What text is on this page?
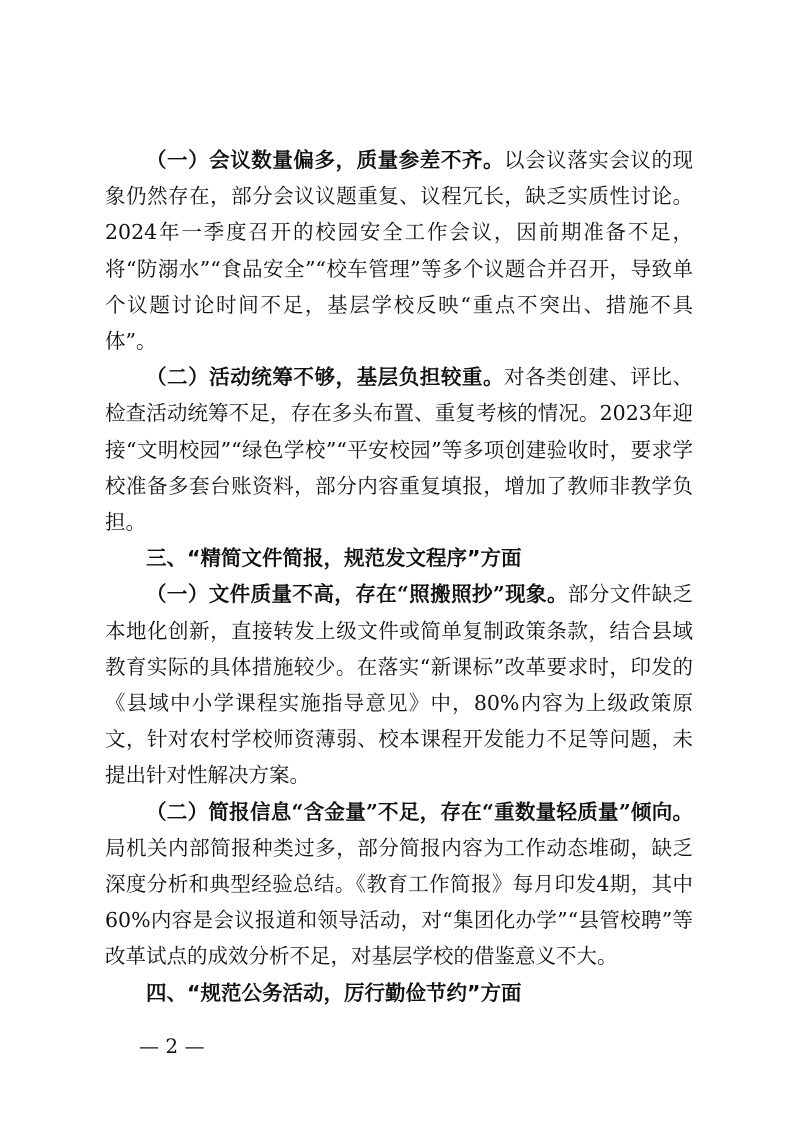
（一）会议数量偏多，质量参差不齐。以会议落实会议的现象仍然存在，部分会议议题重复、议程冗长，缺乏实质性讨论。2024年一季度召开的校园安全工作会议，因前期准备不足，将“防溺水”“食品安全”“校车管理”等多个议题合并召开，导致单个议题讨论时间不足，基层学校反映“重点不突出、措施不具体”。

（二）活动统筹不够，基层负担较重。对各类创建、评比、检查活动统筹不足，存在多头布置、重复考核的情况。2023年迎接“文明校园”“绿色学校”“平安校园”等多项创建验收时，要求学校准备多套台账资料，部分内容重复填报，增加了教师非教学负担。

三、“精简文件简报，规范发文程序”方面

（一）文件质量不高，存在“照搬照抄”现象。部分文件缺乏本地化创新，直接转发上级文件或简单复制政策条款，结合县域教育实际的具体措施较少。在落实“新课标”改革要求时，印发的《县域中小学课程实施指导意见》中，80%内容为上级政策原文，针对农村学校师资薄弱、校本课程开发能力不足等问题，未提出针对性解决方案。

（二）简报信息“含金量”不足，存在“重数量轻质量”倾向。局机关内部简报种类过多，部分简报内容为工作动态堆砌，缺乏深度分析和典型经验总结。《教育工作简报》每月印发4期，其中60%内容是会议报道和领导活动，对“集团化办学”“县管校聘”等改革试点的成效分析不足，对基层学校的借鉴意义不大。

四、“规范公务活动，厉行勤俭节约”方面

— 2 —
